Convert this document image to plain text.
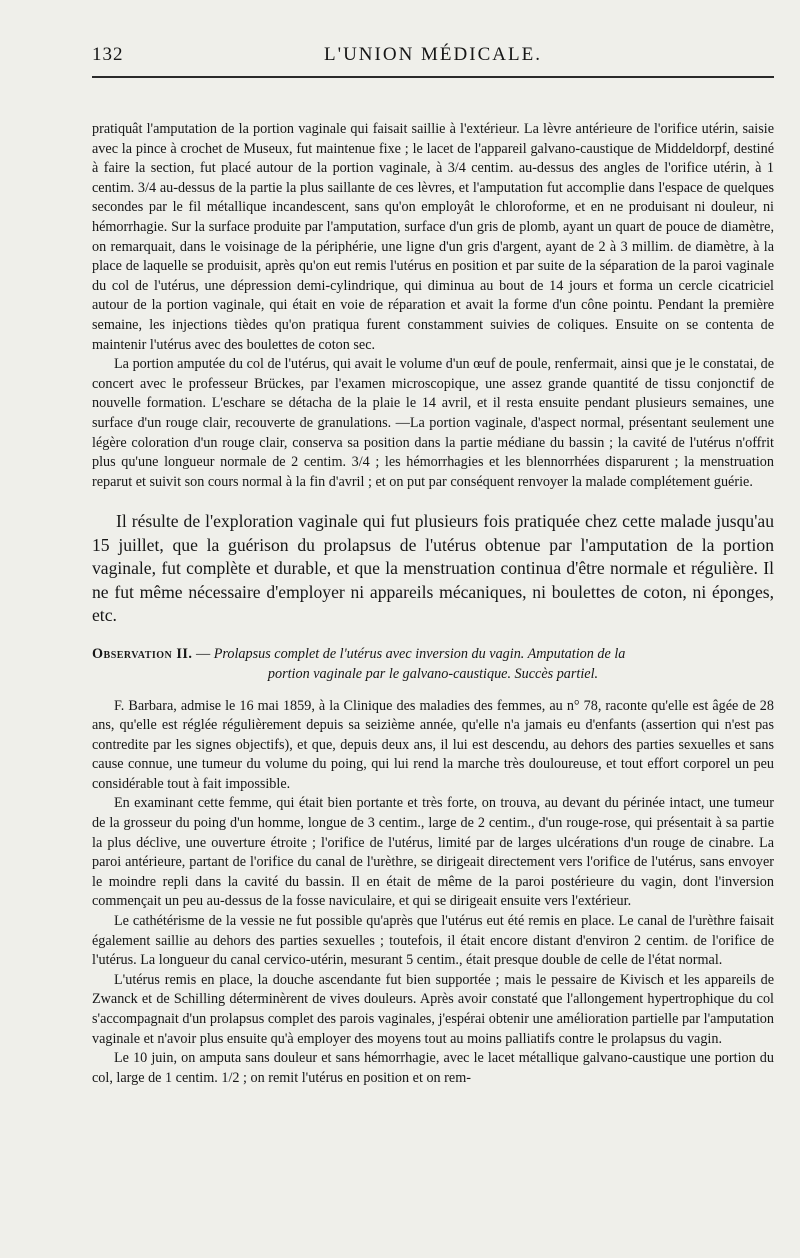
132	L'UNION MÉDICALE.

pratiquât l'amputation de la portion vaginale qui faisait saillie à l'extérieur. La lèvre antérieure de l'orifice utérin, saisie avec la pince à crochet de Museux, fut maintenue fixe ; le lacet de l'appareil galvano-caustique de Middeldorpf, destiné à faire la section, fut placé autour de la portion vaginale, à 3/4 centim. au-dessus des angles de l'orifice utérin, à 1 centim. 3/4 au-dessus de la partie la plus saillante de ces lèvres, et l'amputation fut accomplie dans l'espace de quelques secondes par le fil métallique incandescent, sans qu'on employât le chloroforme, et en ne produisant ni douleur, ni hémorrhagie. Sur la surface produite par l'amputation, surface d'un gris de plomb, ayant un quart de pouce de diamètre, on remarquait, dans le voisinage de la périphérie, une ligne d'un gris d'argent, ayant de 2 à 3 millim. de diamètre, à la place de laquelle se produisit, après qu'on eut remis l'utérus en position et par suite de la séparation de la paroi vaginale du col de l'utérus, une dépression demi-cylindrique, qui diminua au bout de 14 jours et forma un cercle cicatriciel autour de la portion vaginale, qui était en voie de réparation et avait la forme d'un cône pointu. Pendant la première semaine, les injections tièdes qu'on pratiqua furent constamment suivies de coliques. Ensuite on se contenta de maintenir l'utérus avec des boulettes de coton sec.

La portion amputée du col de l'utérus, qui avait le volume d'un œuf de poule, renfermait, ainsi que je le constatai, de concert avec le professeur Brückes, par l'examen microscopique, une assez grande quantité de tissu conjonctif de nouvelle formation. L'eschare se détacha de la plaie le 14 avril, et il resta ensuite pendant plusieurs semaines, une surface d'un rouge clair, recouverte de granulations. —La portion vaginale, d'aspect normal, présentant seulement une légère coloration d'un rouge clair, conserva sa position dans la partie médiane du bassin ; la cavité de l'utérus n'offrit plus qu'une longueur normale de 2 centim. 3/4 ; les hémorrhagies et les blennorrhées disparurent ; la menstruation reparut et suivit son cours normal à la fin d'avril ; et on put par conséquent renvoyer la malade complétement guérie.

Il résulte de l'exploration vaginale qui fut plusieurs fois pratiquée chez cette malade jusqu'au 15 juillet, que la guérison du prolapsus de l'utérus obtenue par l'amputation de la portion vaginale, fut complète et durable, et que la menstruation continua d'être normale et régulière. Il ne fut même nécessaire d'employer ni appareils mécaniques, ni boulettes de coton, ni éponges, etc.

Observation II. — Prolapsus complet de l'utérus avec inversion du vagin. Amputation de la
portion vaginale par le galvano-caustique. Succès partiel.

F. Barbara, admise le 16 mai 1859, à la Clinique des maladies des femmes, au n° 78, raconte qu'elle est âgée de 28 ans, qu'elle est réglée régulièrement depuis sa seizième année, qu'elle n'a jamais eu d'enfants (assertion qui n'est pas contredite par les signes objectifs), et que, depuis deux ans, il lui est descendu, au dehors des parties sexuelles et sans cause connue, une tumeur du volume du poing, qui lui rend la marche très douloureuse, et tout effort corporel un peu considérable tout à fait impossible.

En examinant cette femme, qui était bien portante et très forte, on trouva, au devant du périnée intact, une tumeur de la grosseur du poing d'un homme, longue de 3 centim., large de 2 centim., d'un rouge-rose, qui présentait à sa partie la plus déclive, une ouverture étroite ; l'orifice de l'utérus, limité par de larges ulcérations d'un rouge de cinabre. La paroi antérieure, partant de l'orifice du canal de l'urèthre, se dirigeait directement vers l'orifice de l'utérus, sans envoyer le moindre repli dans la cavité du bassin. Il en était de même de la paroi postérieure du vagin, dont l'inversion commençait un peu au-dessus de la fosse naviculaire, et qui se dirigeait ensuite vers l'extérieur.

Le cathétérisme de la vessie ne fut possible qu'après que l'utérus eut été remis en place. Le canal de l'urèthre faisait également saillie au dehors des parties sexuelles ; toutefois, il était encore distant d'environ 2 centim. de l'orifice de l'utérus. La longueur du canal cervico-utérin, mesurant 5 centim., était presque double de celle de l'état normal.

L'utérus remis en place, la douche ascendante fut bien supportée ; mais le pessaire de Kivisch et les appareils de Zwanck et de Schilling déterminèrent de vives douleurs. Après avoir constaté que l'allongement hypertrophique du col s'accompagnait d'un prolapsus complet des parois vaginales, j'espérai obtenir une amélioration partielle par l'amputation vaginale et n'avoir plus ensuite qu'à employer des moyens tout au moins palliatifs contre le prolapsus du vagin.

Le 10 juin, on amputa sans douleur et sans hémorrhagie, avec le lacet métallique galvano-caustique une portion du col, large de 1 centim. 1/2 ; on remit l'utérus en position et on rem-
